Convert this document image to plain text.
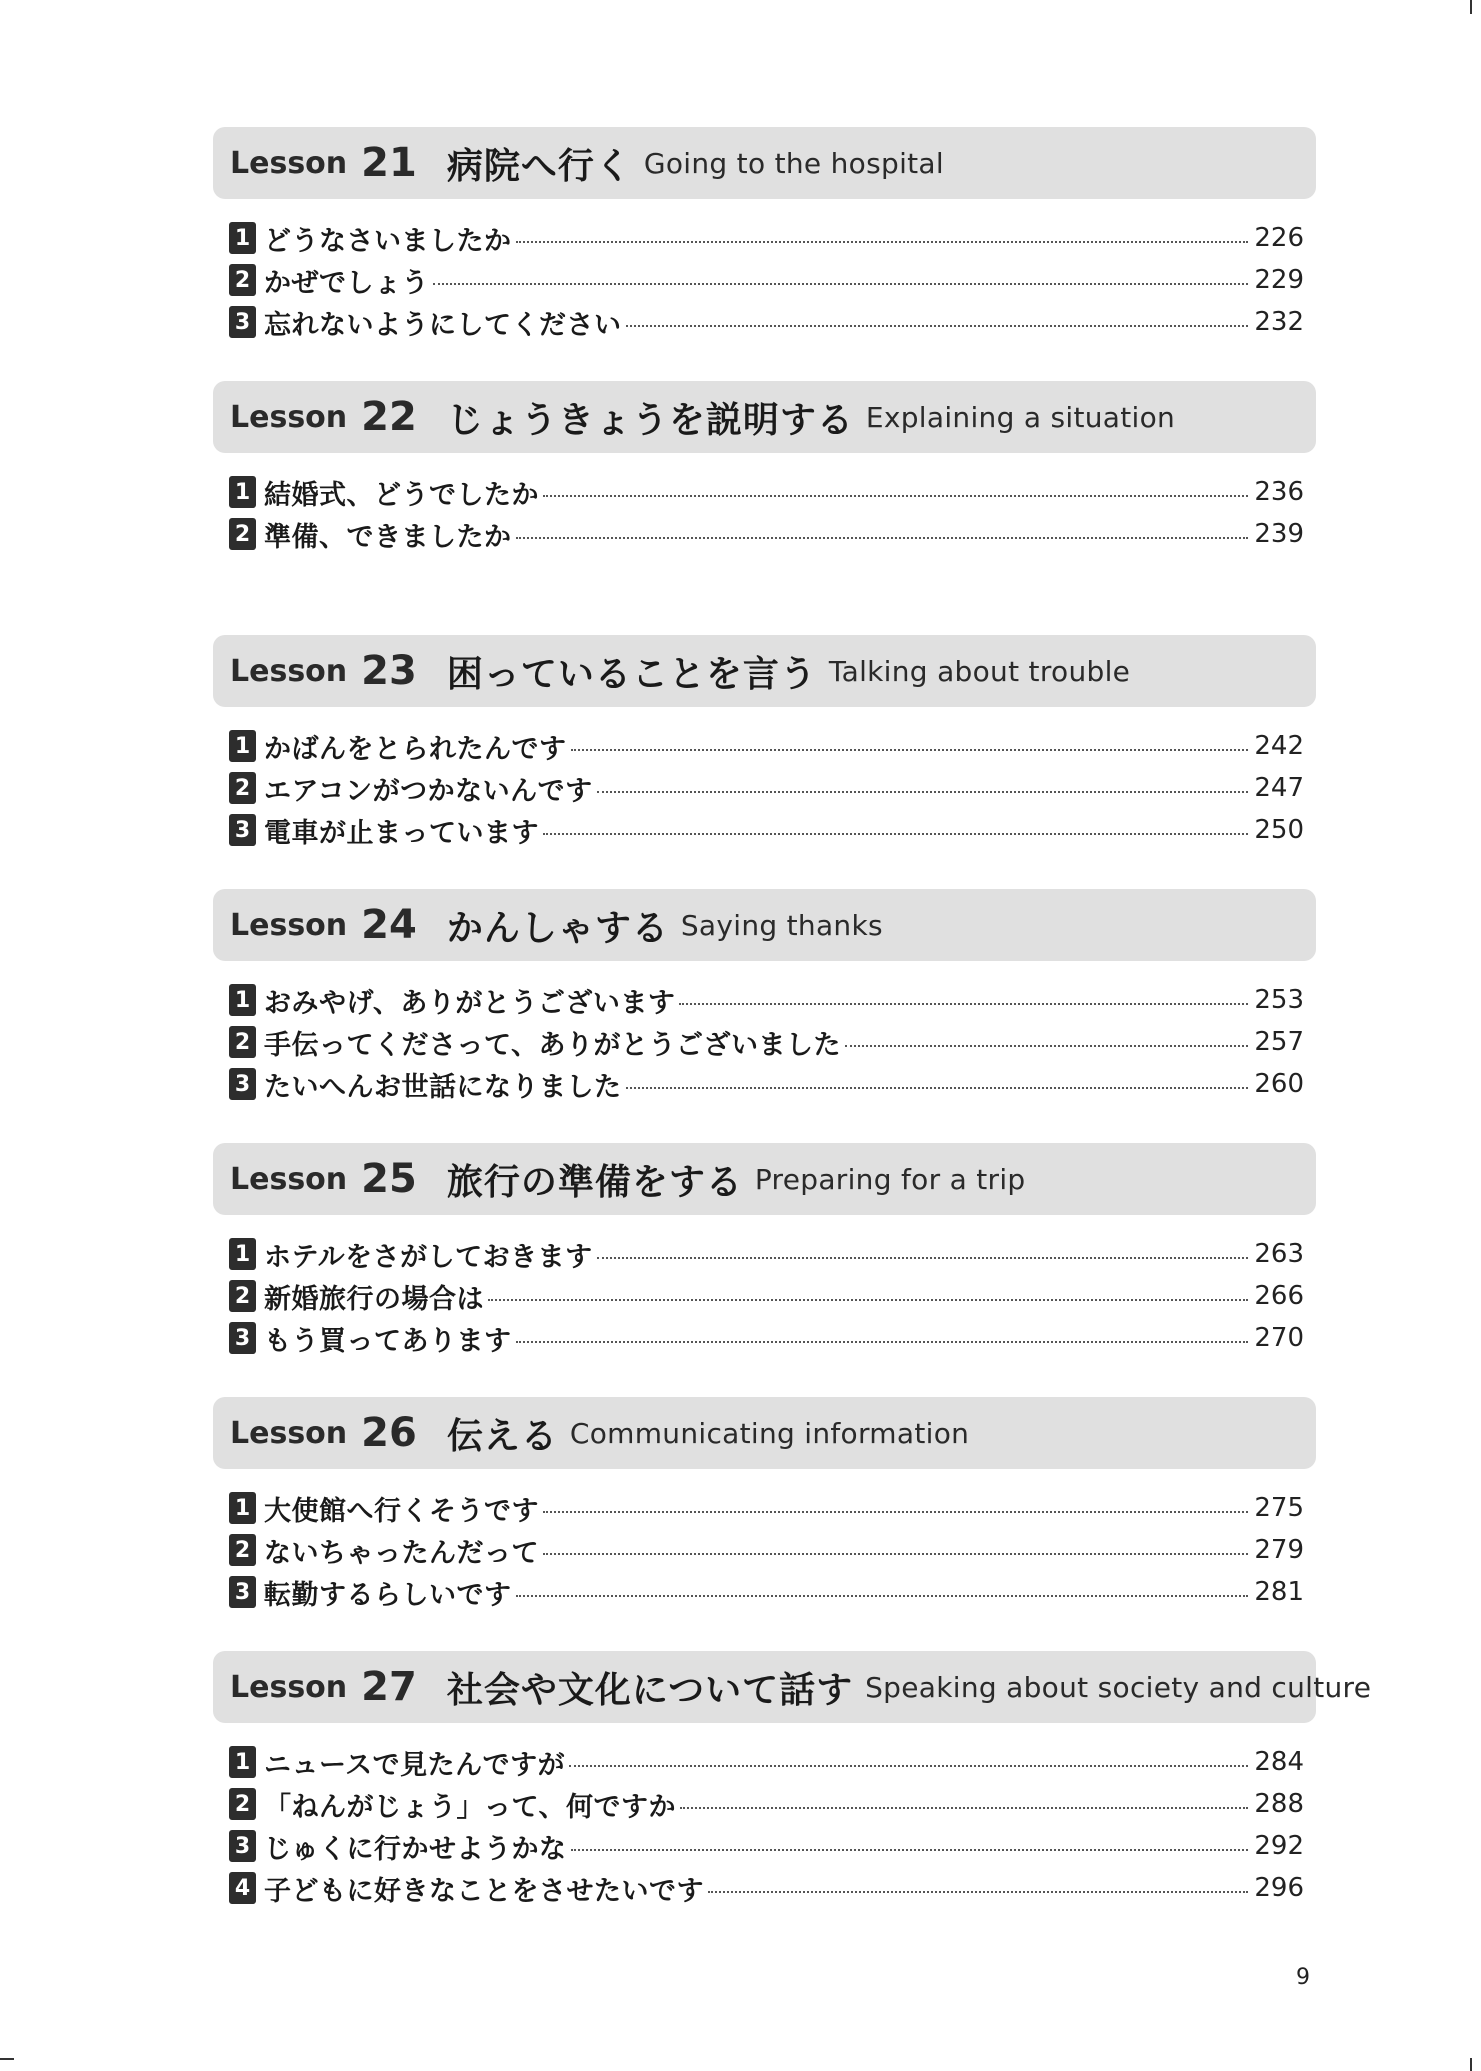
Lesson 21 病院へ行く Going to the hospital
1 どうなさいましたか	226
2 かぜでしょう	229
3 忘れないようにしてください	232
Lesson 22 じょうきょうを説明する Explaining a situation
1 結婚式、どうでしたか	236
2 準備、できましたか	239
Lesson 23 困っていることを言う Talking about trouble
1 かばんをとられたんです	242
2 エアコンがつかないんです	247
3 電車が止まっています	250
Lesson 24 かんしゃする Saying thanks
1 おみやげ、ありがとうございます	253
2 手伝ってくださって、ありがとうございました	257
3 たいへんお世話になりました	260
Lesson 25 旅行の準備をする Preparing for a trip
1 ホテルをさがしておきます	263
2 新婚旅行の場合は	266
3 もう買ってあります	270
Lesson 26 伝える Communicating information
1 大使館へ行くそうです	275
2 ないちゃったんだって	279
3 転勤するらしいです	281
Lesson 27 社会や文化について話す Speaking about society and culture
1 ニュースで見たんですが	284
2 「ねんがじょう」って、何ですか	288
3 じゅくに行かせようかな	292
4 子どもに好きなことをさせたいです	296
9
